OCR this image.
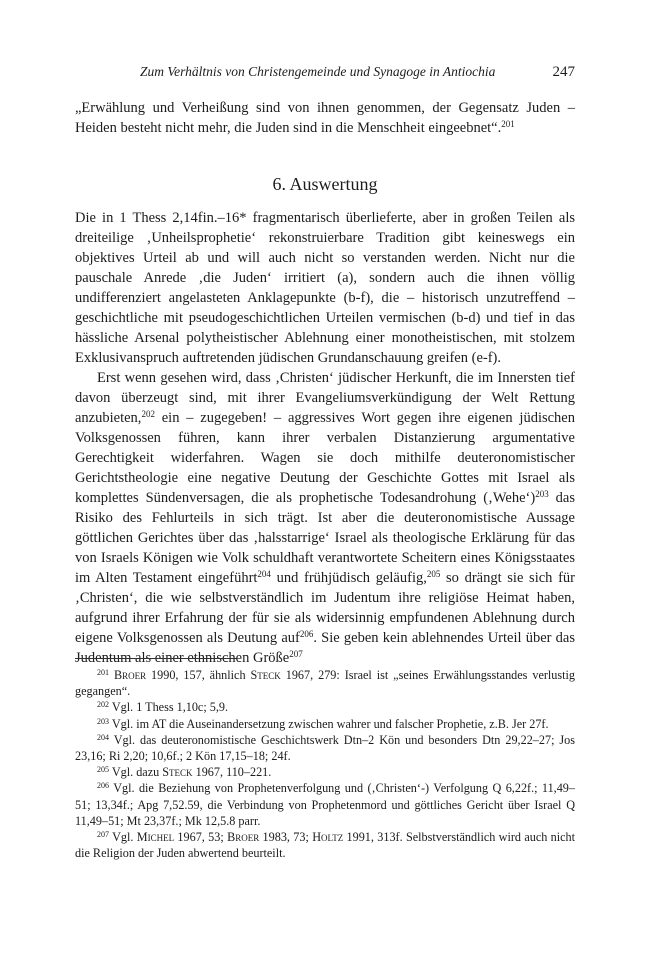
Zum Verhältnis von Christengemeinde und Synagoge in Antiochia	247

„Erwählung und Verheißung sind von ihnen genommen, der Gegensatz Juden – Heiden besteht nicht mehr, die Juden sind in die Menschheit eingeebnet“.$^{201}$

6. Auswertung

Die in 1 Thess 2,14fin.–16* fragmentarisch überlieferte, aber in großen Teilen als dreiteilige ‚Unheilsprophetie‘ rekonstruierbare Tradition gibt keineswegs ein objektives Urteil ab und will auch nicht so verstanden werden. Nicht nur die pauschale Anrede ‚die Juden‘ irritiert (a), sondern auch die ihnen völlig undifferenziert angelasteten Anklagepunkte (b-f), die – historisch unzutreffend – geschichtliche mit pseudogeschichtlichen Urteilen vermischen (b-d) und tief in das hässliche Arsenal polytheistischer Ablehnung einer monotheistischen, mit stolzem Exklusivanspruch auftretenden jüdischen Grundanschauung greifen (e-f).

Erst wenn gesehen wird, dass ‚Christen‘ jüdischer Herkunft, die im Innersten tief davon überzeugt sind, mit ihrer Evangeliumsverkündigung der Welt Rettung anzubieten,$^{202}$ ein – zugegeben! – aggressives Wort gegen ihre eigenen jüdischen Volksgenossen führen, kann ihrer verbalen Distanzierung argumentative Gerechtigkeit widerfahren. Wagen sie doch mithilfe deuteronomistischer Gerichtstheologie eine negative Deutung der Geschichte Gottes mit Israel als komplettes Sündenversagen, die als prophetische Todesandrohung (‚Wehe‘)$^{203}$ das Risiko des Fehlurteils in sich trägt. Ist aber die deuteronomistische Aussage göttlichen Gerichtes über das ‚halsstarrige‘ Israel als theologische Erklärung für das von Israels Königen wie Volk schuldhaft verantwortete Scheitern eines Königsstaates im Alten Testament eingeführt$^{204}$ und frühjüdisch geläufig,$^{205}$ so drängt sie sich für ‚Christen‘, die wie selbstverständlich im Judentum ihre religiöse Heimat haben, aufgrund ihrer Erfahrung der für sie als widersinnig empfundenen Ablehnung durch eigene Volksgenossen als Deutung auf$^{206}$. Sie geben kein ablehnendes Urteil über das Judentum als einer ethnischen Größe$^{207}$

$^{201}$ Broer 1990, 157, ähnlich Steck 1967, 279: Israel ist „seines Erwählungsstandes verlustig gegangen“.

$^{202}$ Vgl. 1 Thess 1,10c; 5,9.

$^{203}$ Vgl. im AT die Auseinandersetzung zwischen wahrer und falscher Prophetie, z.B. Jer 27f.

$^{204}$ Vgl. das deuteronomistische Geschichtswerk Dtn–2 Kön und besonders Dtn 29,22–27; Jos 23,16; Ri 2,20; 10,6f.; 2 Kön 17,15–18; 24f.

$^{205}$ Vgl. dazu Steck 1967, 110–221.

$^{206}$ Vgl. die Beziehung von Prophetenverfolgung und (‚Christen‘-) Verfolgung Q 6,22f.; 11,49–51; 13,34f.; Apg 7,52.59, die Verbindung von Prophetenmord und göttliches Gericht über Israel Q 11,49–51; Mt 23,37f.; Mk 12,5.8 parr.

$^{207}$ Vgl. Michel 1967, 53; Broer 1983, 73; Holtz 1991, 313f. Selbstverständlich wird auch nicht die Religion der Juden abwertend beurteilt.
